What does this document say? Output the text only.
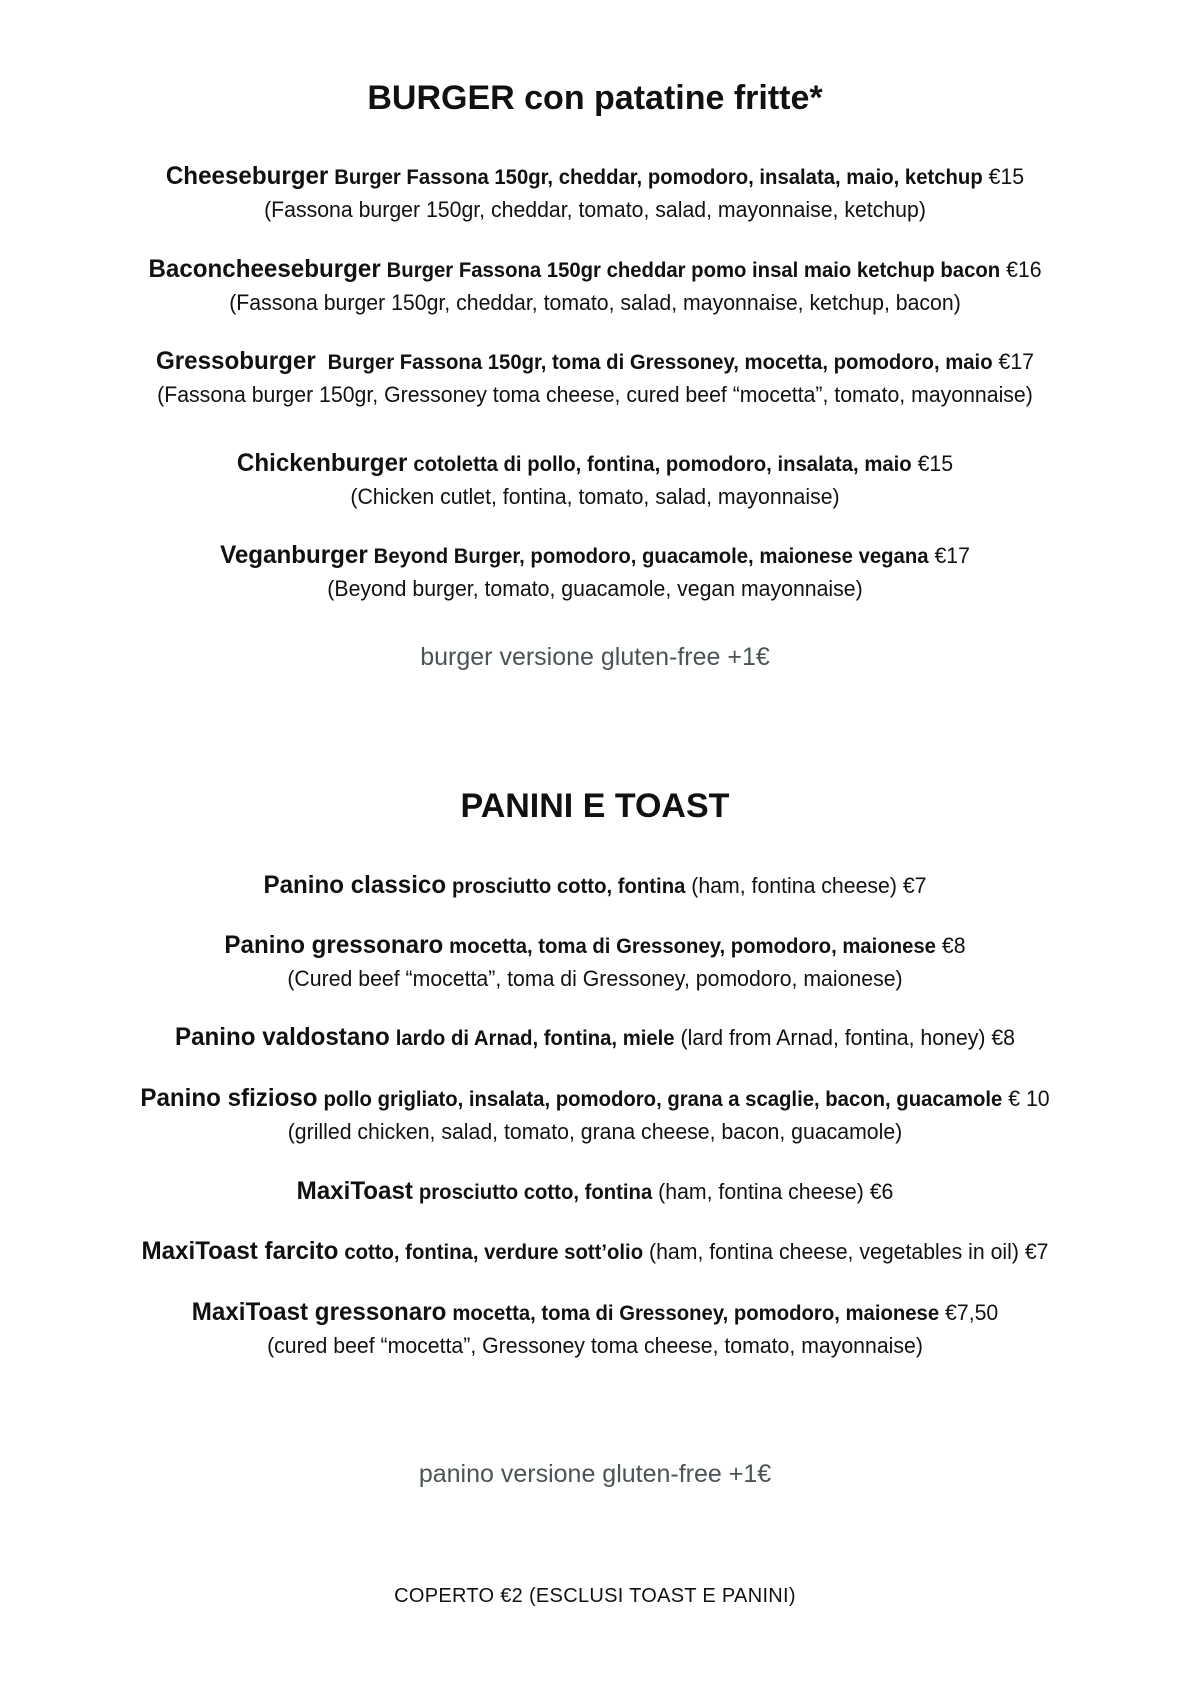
BURGER con patatine fritte*
Cheeseburger Burger Fassona 150gr, cheddar, pomodoro, insalata, maio, ketchup €15
(Fassona burger 150gr, cheddar, tomato, salad, mayonnaise, ketchup)
Baconcheeseburger Burger Fassona 150gr cheddar pomo insal maio ketchup bacon €16
(Fassona burger 150gr, cheddar, tomato, salad, mayonnaise, ketchup, bacon)
Gressoburger Burger Fassona 150gr, toma di Gressoney, mocetta, pomodoro, maio €17
(Fassona burger 150gr, Gressoney toma cheese, cured beef “mocetta”, tomato, mayonnaise)
Chickenburger cotoletta di pollo, fontina, pomodoro, insalata, maio €15
(Chicken cutlet, fontina, tomato, salad, mayonnaise)
Veganburger Beyond Burger, pomodoro, guacamole, maionese vegana €17
(Beyond burger, tomato, guacamole, vegan mayonnaise)
burger versione gluten-free +1€
PANINI E TOAST
Panino classico prosciutto cotto, fontina (ham, fontina cheese) €7
Panino gressonaro mocetta, toma di Gressoney, pomodoro, maionese €8
(Cured beef “mocetta”, toma di Gressoney, pomodoro, maionese)
Panino valdostano lardo di Arnad, fontina, miele (lard from Arnad, fontina, honey) €8
Panino sfizioso pollo grigliato, insalata, pomodoro, grana a scaglie, bacon, guacamole € 10
(grilled chicken, salad, tomato, grana cheese, bacon, guacamole)
MaxiToast prosciutto cotto, fontina (ham, fontina cheese) €6
MaxiToast farcito cotto, fontina, verdure sott’olio (ham, fontina cheese, vegetables in oil) €7
MaxiToast gressonaro mocetta, toma di Gressoney, pomodoro, maionese €7,50
(cured beef “mocetta”, Gressoney toma cheese, tomato, mayonnaise)
panino versione gluten-free +1€
COPERTO €2 (ESCLUSI TOAST E PANINI)
